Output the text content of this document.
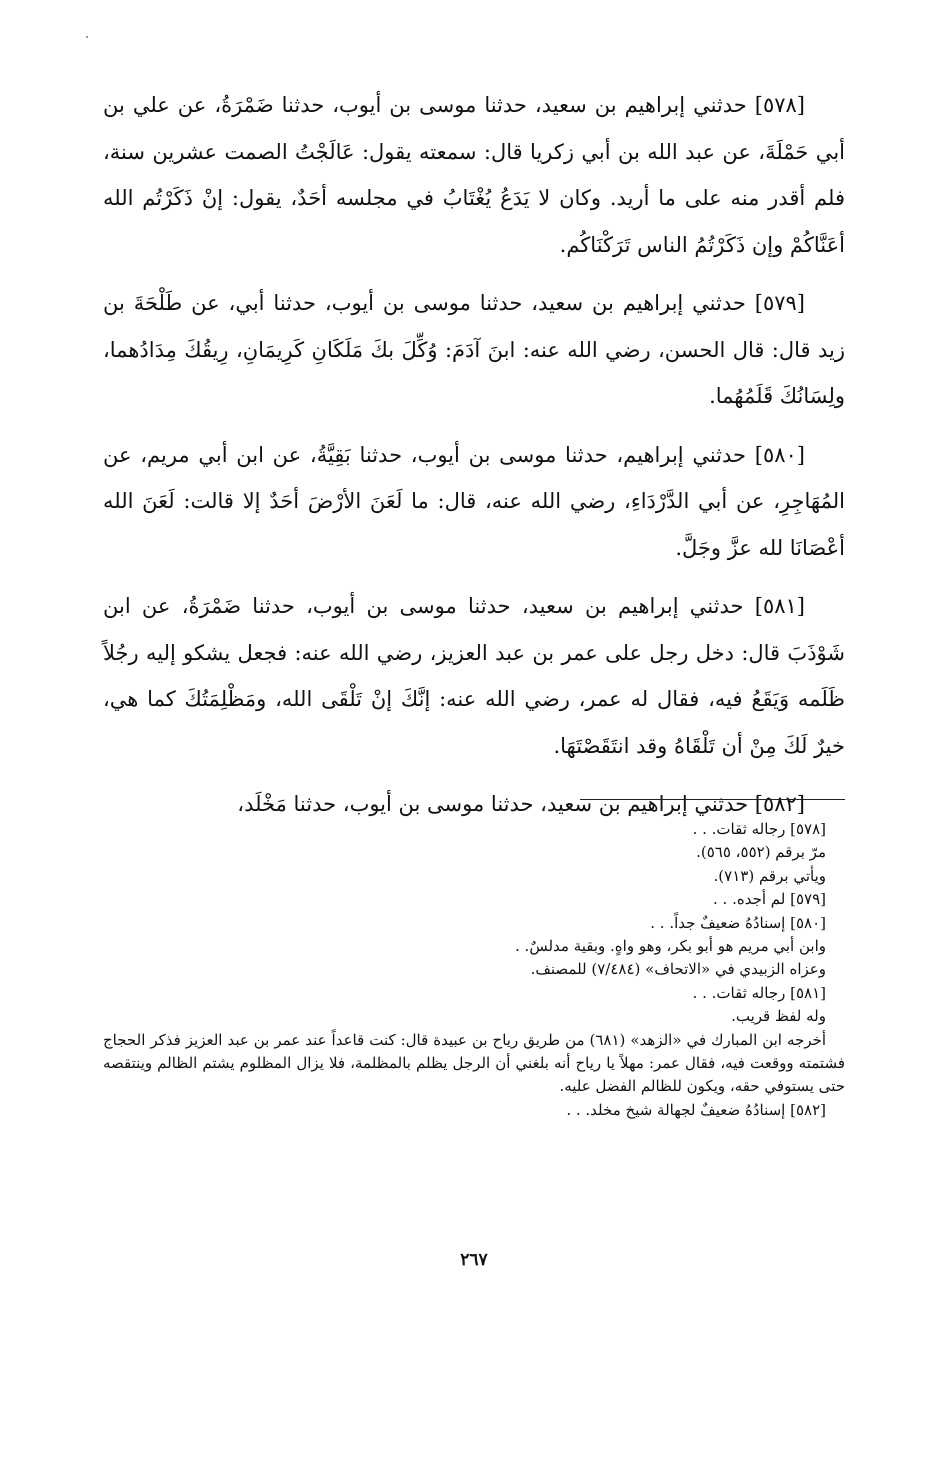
[٥٧٨] حدثني إبراهيم بن سعيد، حدثنا موسى بن أيوب، حدثنا ضَمْرَةُ، عن علي بن أبي حَمْلَةَ، عن عبد الله بن أبي زكريا قال: سمعته يقول: عَالَجْتُ الصمت عشرين سنة، فلم أقدر منه على ما أريد. وكان لا يَدَعُ يُغْتَابُ في مجلسه أحَدٌ، يقول: إنْ ذَكَرْتُم الله أعَنَّاكُمْ وإن ذَكَرْتُمُ الناس تَرَكْنَاكُم.

[٥٧٩] حدثني إبراهيم بن سعيد، حدثنا موسى بن أيوب، حدثنا أبي، عن طَلْحَةَ بن زيد قال: قال الحسن، رضي الله عنه: ابنَ آدَمَ: وُكِّلَ بكَ مَلَكَانِ كَرِيمَانِ، رِيقُكَ مِدَادُهما، ولِسَانُكَ قَلَمُهُما.

[٥٨٠] حدثني إبراهيم، حدثنا موسى بن أيوب، حدثنا بَقِيَّةُ، عن ابن أبي مريم، عن المُهَاجِرِ، عن أبي الدَّرْدَاءِ، رضي الله عنه، قال: ما لَعَنَ الأرْضَ أحَدٌ إلا قالت: لَعَنَ الله أعْصَانَا لله عزَّ وجَلَّ.

[٥٨١] حدثني إبراهيم بن سعيد، حدثنا موسى بن أيوب، حدثنا ضَمْرَةُ، عن ابن شَوْذَبَ قال: دخل رجل على عمر بن عبد العزيز، رضي الله عنه: فجعل يشكو إليه رجُلاً ظَلَمه وَيَقَعُ فيه، فقال له عمر، رضي الله عنه: إنَّكَ إنْ تَلْقَى الله، ومَظْلِمَتُكَ كما هي، خيرٌ لَكَ مِنْ أن تَلْقَاهُ وقد انتَقَصْتَهَا.

[٥٨٢] حدثني إبراهيم بن سعيد، حدثنا موسى بن أيوب، حدثنا مَخْلَد،

[٥٧٨] رجاله ثقات. . .

مرّ برقم (٥٥٢، ٥٦٥).

ويأتي برقم (٧١٣).

[٥٧٩] لم أجده. . .

[٥٨٠] إسنادُهُ ضعيفٌ جداً. . .

وابن أبي مريم هو أبو بكر، وهو واهٍ. وبقية مدلسٌ. .

وعزاه الزبيدي في «الاتحاف» (٧/٤٨٤) للمصنف.

[٥٨١] رجاله ثقات. . .

وله لفظ قريب.

أخرجه ابن المبارك في «الزهد» (٦٨١) من طريق رياح بن عبيدة قال: كنت قاعداً عند عمر بن عبد العزيز فذكر الحجاج فشتمته ووقعت فيه، فقال عمر: مهلاً يا رياح أنه بلغني أن الرجل يظلم بالمظلمة، فلا يزال المظلوم يشتم الظالم وينتقصه حتى يستوفي حقه، ويكون للظالم الفضل عليه.

[٥٨٢] إسنادُهُ ضعيفٌ لجهالة شيخ مخلد. . .

٢٦٧
